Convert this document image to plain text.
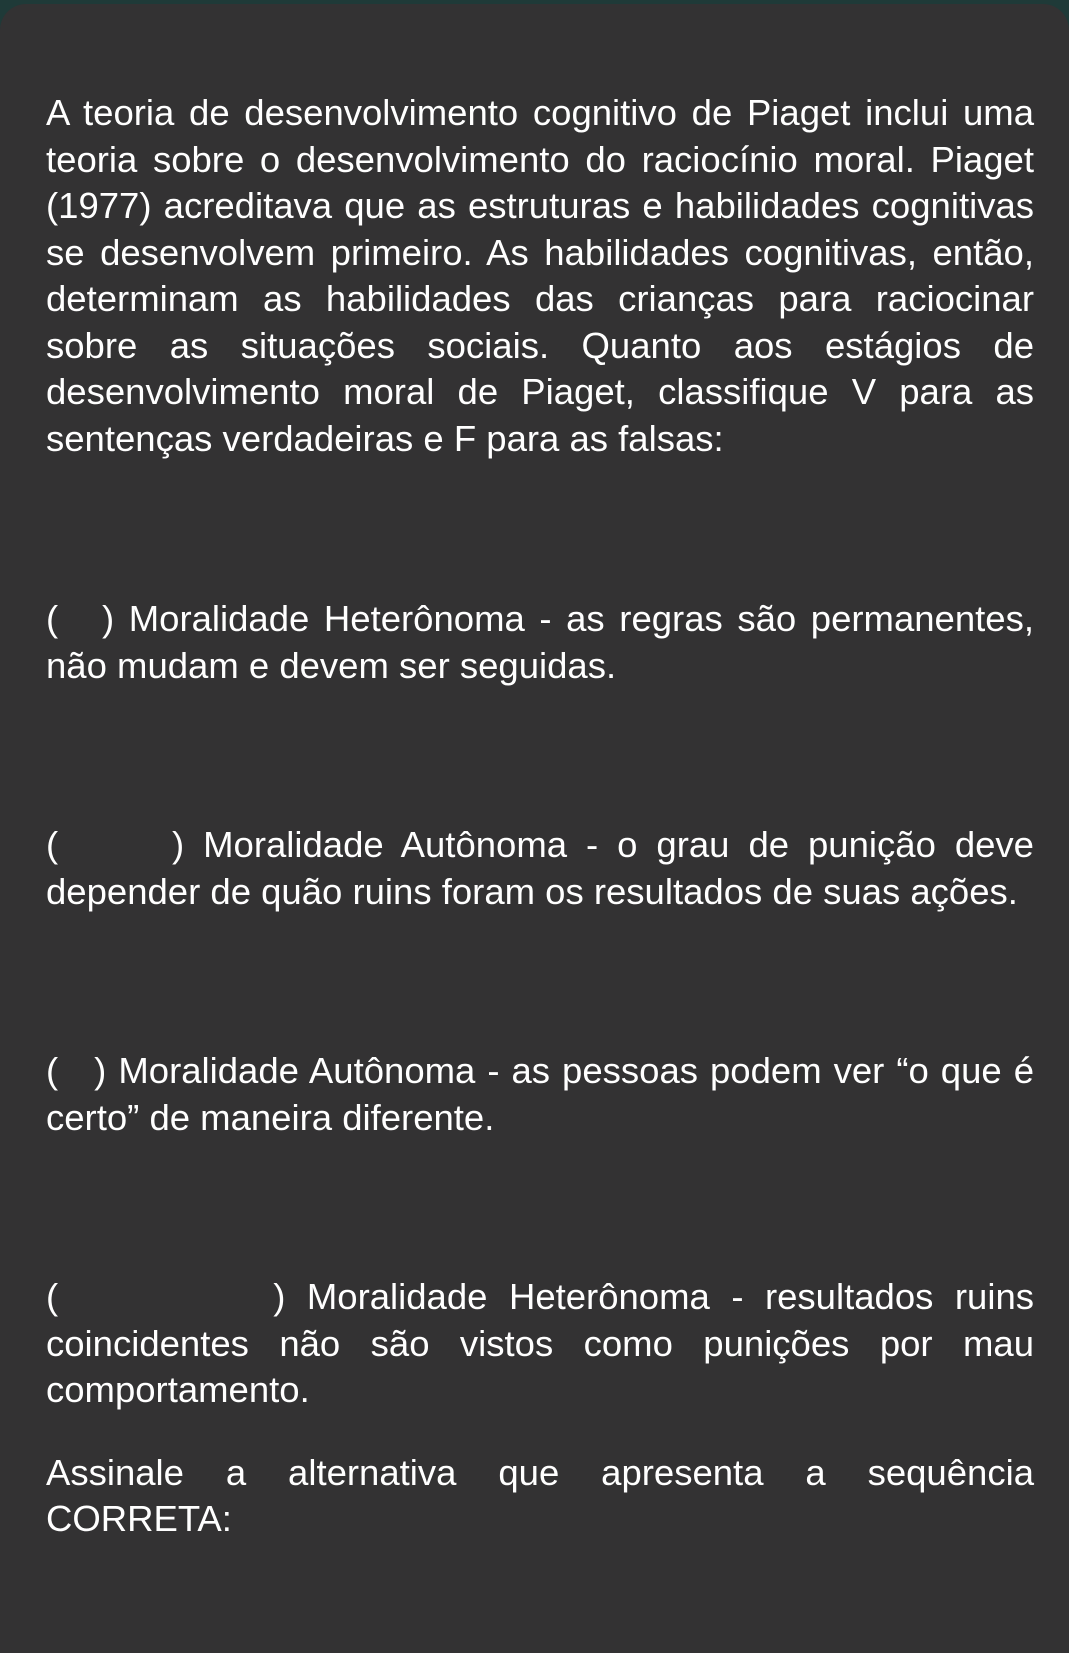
A teoria de desenvolvimento cognitivo de Piaget inclui uma teoria sobre o desenvolvimento do raciocínio moral. Piaget (1977) acreditava que as estruturas e habilidades cognitivas se desenvolvem primeiro. As habilidades cognitivas, então, determinam as habilidades das crianças para raciocinar sobre as situações sociais. Quanto aos estágios de desenvolvimento moral de Piaget, classifique V para as sentenças verdadeiras e F para as falsas:

(   ) Moralidade Heterônoma - as regras são permanentes, não mudam e devem ser seguidas.

(      ) Moralidade Autônoma - o grau de punição deve depender de quão ruins foram os resultados de suas ações.

(   ) Moralidade Autônoma - as pessoas podem ver “o que é certo” de maneira diferente.

(          ) Moralidade Heterônoma - resultados ruins coincidentes não são vistos como punições por mau comportamento.

Assinale a alternativa que apresenta a sequência CORRETA:
